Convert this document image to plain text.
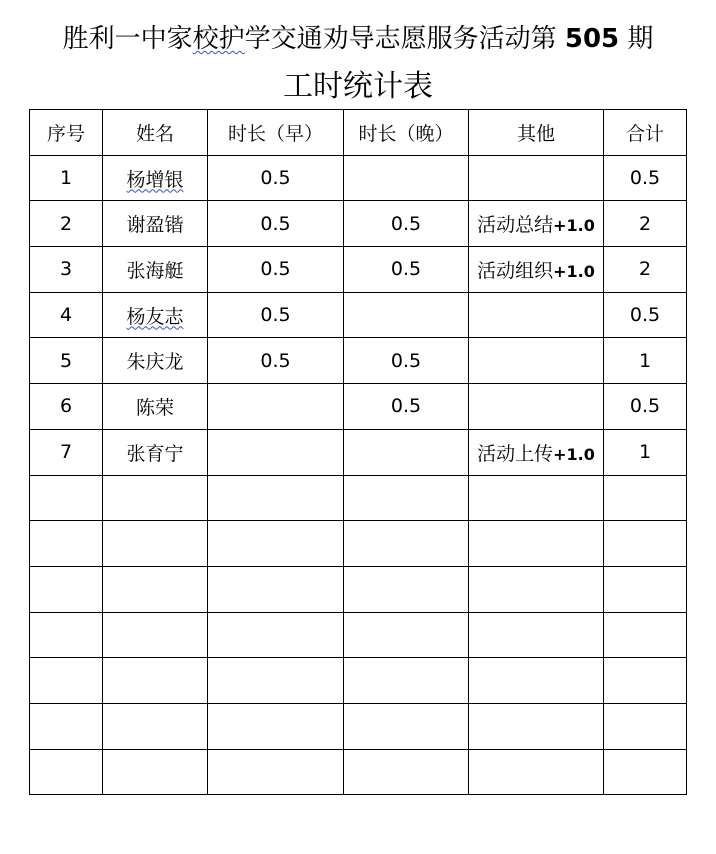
胜利一中家校护学交通劝导志愿服务活动第 505 期
工时统计表
序号	姓名	时长（早）	时长（晚）	其他	合计
1	杨增银	0.5			0.5
2	谢盈锴	0.5	0.5	活动总结+1.0	2
3	张海艇	0.5	0.5	活动组织+1.0	2
4	杨友志	0.5			0.5
5	朱庆龙	0.5	0.5		1
6	陈荣		0.5		0.5
7	张育宁			活动上传+1.0	1
